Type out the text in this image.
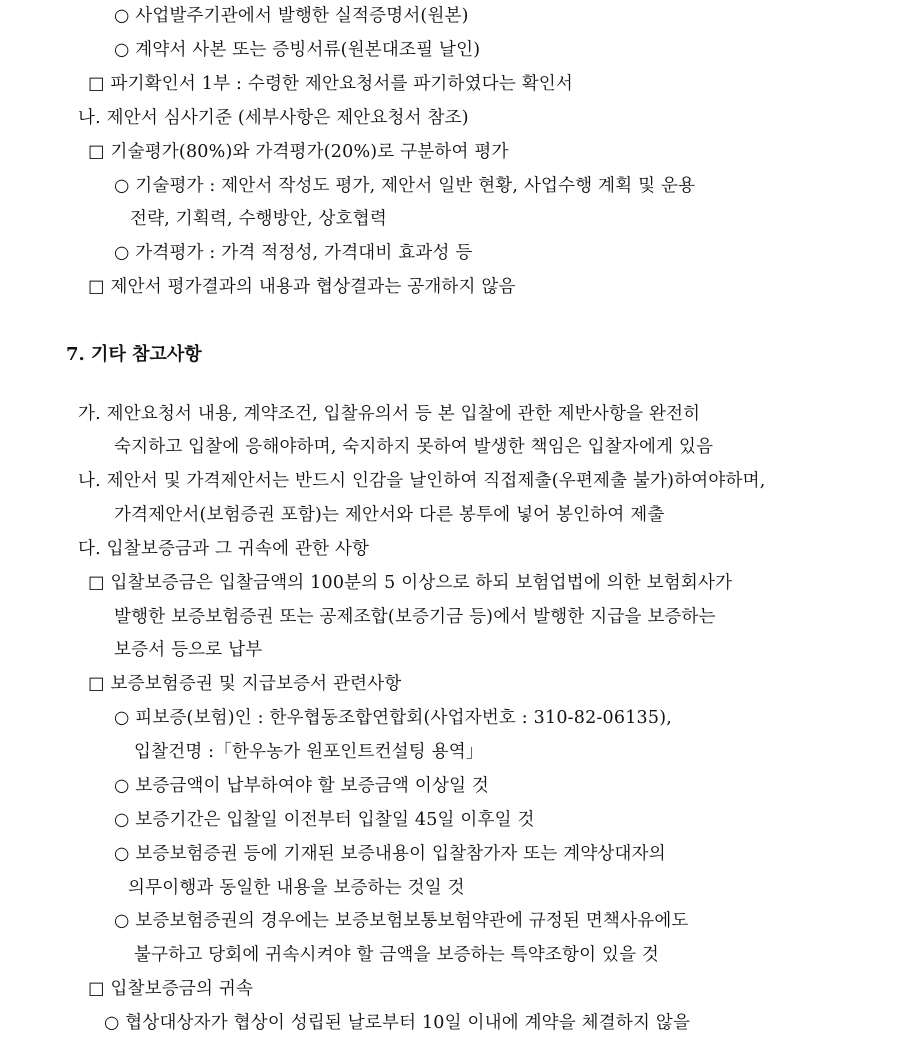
○ 사업발주기관에서 발행한 실적증명서(원본)
○ 계약서 사본 또는 증빙서류(원본대조필 날인)
□ 파기확인서 1부 : 수령한 제안요청서를 파기하였다는 확인서
나. 제안서 심사기준 (세부사항은 제안요청서 참조)
□ 기술평가(80%)와 가격평가(20%)로 구분하여 평가
○ 기술평가 : 제안서 작성도 평가, 제안서 일반 현황, 사업수행 계획 및 운용
전략, 기획력, 수행방안, 상호협력
○ 가격평가 : 가격 적정성, 가격대비 효과성 등
□ 제안서 평가결과의 내용과 협상결과는 공개하지 않음
7. 기타 참고사항
가. 제안요청서 내용, 계약조건, 입찰유의서 등 본 입찰에 관한 제반사항을 완전히
숙지하고 입찰에 응해야하며, 숙지하지 못하여 발생한 책임은 입찰자에게 있음
나. 제안서 및 가격제안서는 반드시 인감을 날인하여 직접제출(우편제출 불가)하여야하며,
가격제안서(보험증권 포함)는 제안서와 다른 봉투에 넣어 봉인하여 제출
다. 입찰보증금과 그 귀속에 관한 사항
□ 입찰보증금은 입찰금액의 100분의 5 이상으로 하되 보험업법에 의한 보험회사가
발행한 보증보험증권 또는 공제조합(보증기금 등)에서 발행한 지급을 보증하는
보증서 등으로 납부
□ 보증보험증권 및 지급보증서 관련사항
○ 피보증(보험)인 : 한우협동조합연합회(사업자번호 : 310-82-06135),
입찰건명 :「한우농가 원포인트컨설팅 용역」
○ 보증금액이 납부하여야 할 보증금액 이상일 것
○ 보증기간은 입찰일 이전부터 입찰일 45일 이후일 것
○ 보증보험증권 등에 기재된 보증내용이 입찰참가자 또는 계약상대자의
의무이행과 동일한 내용을 보증하는 것일 것
○ 보증보험증권의 경우에는 보증보험보통보험약관에 규정된 면책사유에도
불구하고 당회에 귀속시켜야 할 금액을 보증하는 특약조항이 있을 것
□ 입찰보증금의 귀속
○ 협상대상자가 협상이 성립된 날로부터 10일 이내에 계약을 체결하지 않을
